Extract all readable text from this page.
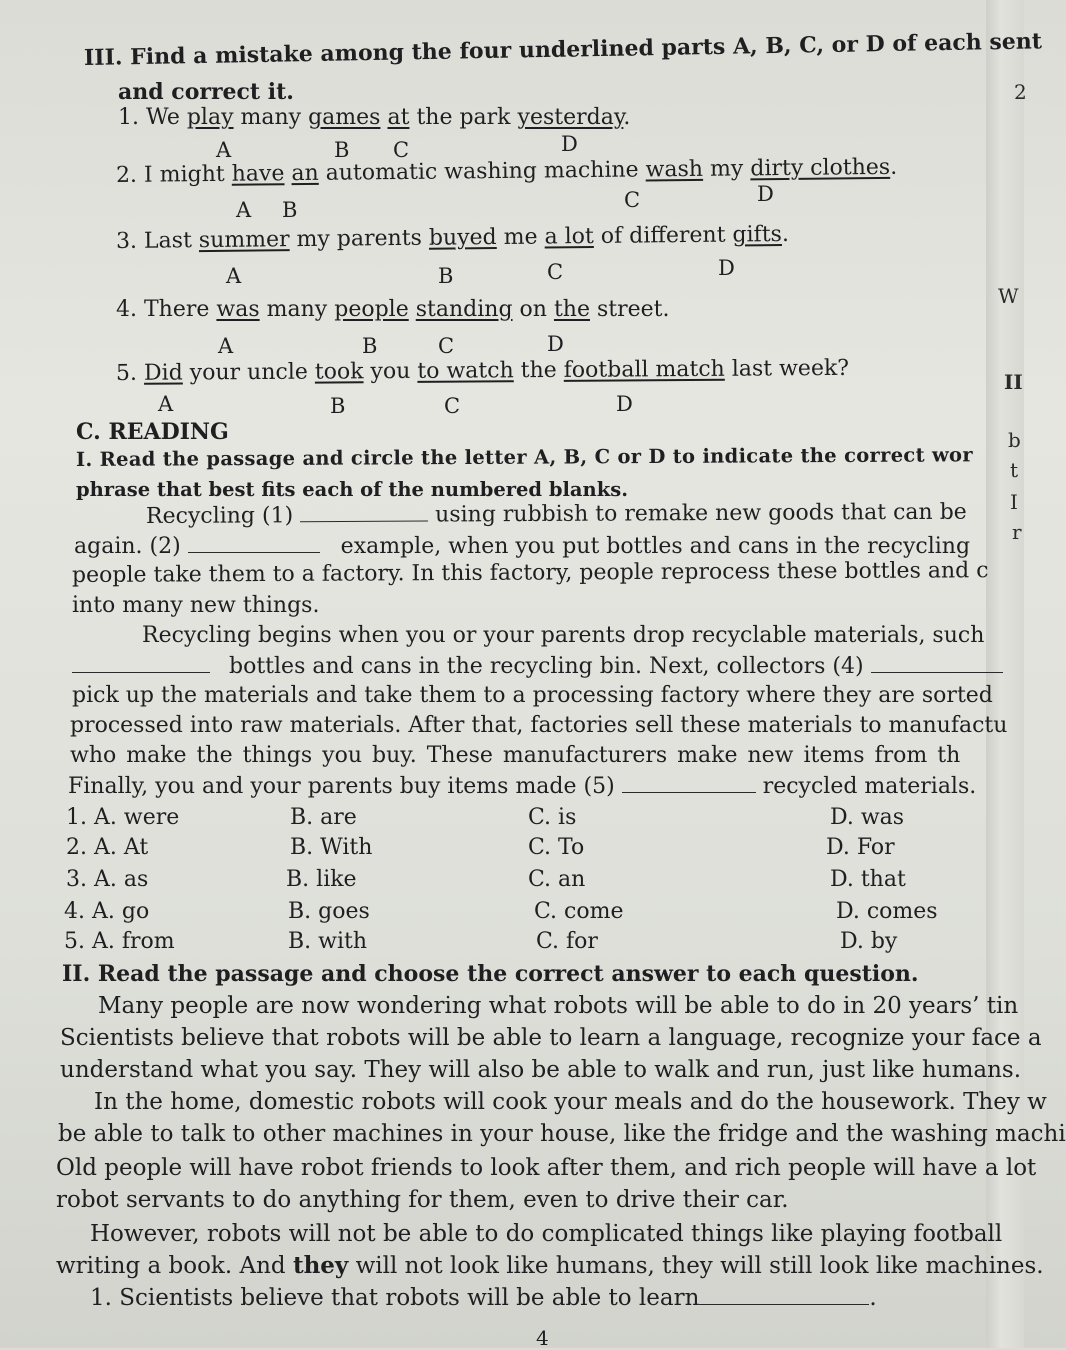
2
W
II
b
t
I
r
III. Find a mistake among the four underlined parts A, B, C, or D of each sent
and correct it.
1. We play many games at the park yesterday.
A	B C	D
2. I might have an automatic washing machine wash my dirty clothes.
A B	C	D
3. Last summer my parents buyed me a lot of different gifts.
A	B	C	D
4. There was many people standing on the street.
A	B	C	D
5. Did your uncle took you to watch the football match last week?
A	B	C	D
C. READING
I. Read the passage and circle the letter A, B, C or D to indicate the correct wor
phrase that best fits each of the numbered blanks.
Recycling (1)	using rubbish to remake new goods that can be
again. (2)	example, when you put bottles and cans in the recycling
people take them to a factory. In this factory, people reprocess these bottles and c
into many new things.
Recycling begins when you or your parents drop recyclable materials, such
bottles and cans in the recycling bin. Next, collectors (4)
pick up the materials and take them to a processing factory where they are sorted
processed into raw materials. After that, factories sell these materials to manufactu
who make the things you buy. These manufacturers make new items from th
Finally, you and your parents buy items made (5)	recycled materials.
1. A. were	B. are	C. is	D. was
2. A. At	B. With	C. To	D. For
3. A. as	B. like	C. an	D. that
4. A. go	B. goes	C. come	D. comes
5. A. from	B. with	C. for	D. by
II. Read the passage and choose the correct answer to each question.
Many people are now wondering what robots will be able to do in 20 years’ tin
Scientists believe that robots will be able to learn a language, recognize your face a
understand what you say. They will also be able to walk and run, just like humans.
In the home, domestic robots will cook your meals and do the housework. They w
be able to talk to other machines in your house, like the fridge and the washing machi
Old people will have robot friends to look after them, and rich people will have a lot
robot servants to do anything for them, even to drive their car.
However, robots will not be able to do complicated things like playing football
writing a book. And they will not look like humans, they will still look like machines.
1. Scientists believe that robots will be able to learn	.
4
